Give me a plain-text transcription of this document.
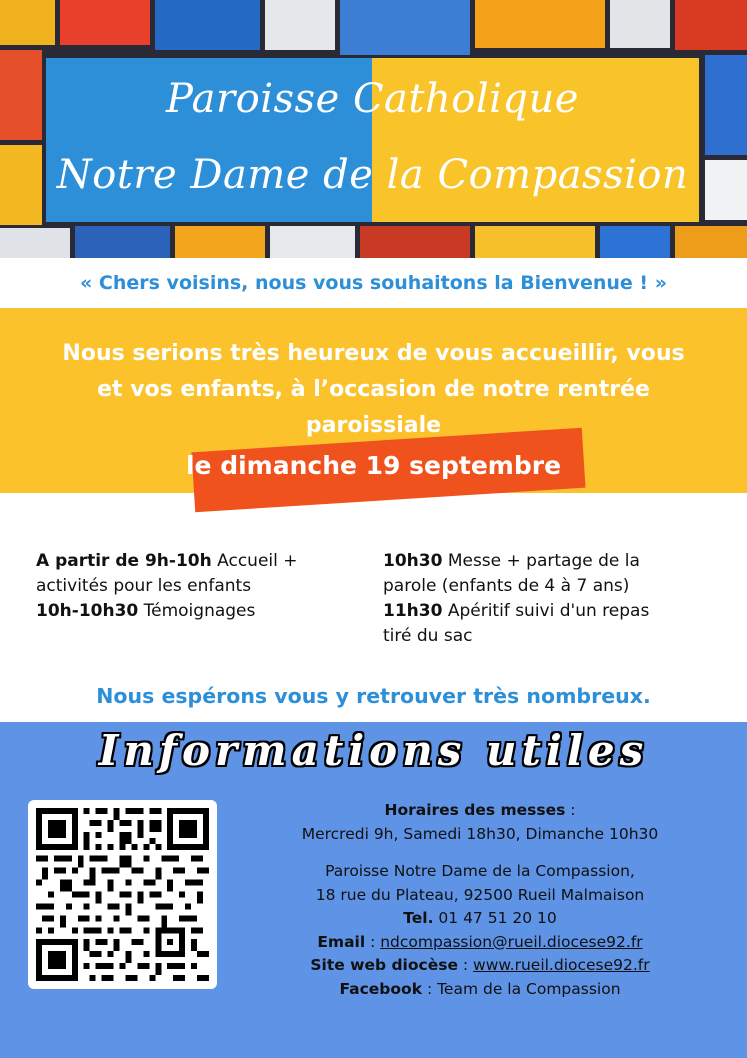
Paroisse Catholique
Notre Dame de la Compassion
« Chers voisins, nous vous souhaitons la Bienvenue ! »
Nous serions très heureux de vous accueillir, vous
et vos enfants, à l’occasion de notre rentrée
paroissiale
le dimanche 19 septembre
A partir de 9h-10h Accueil +
activités pour les enfants
10h-10h30 Témoignages
10h30 Messe + partage de la
parole (enfants de 4 à 7 ans)
11h30 Apéritif suivi d'un repas
tiré du sac
Nous espérons vous y retrouver très nombreux.
Informations utiles
Horaires des messes :
Mercredi 9h, Samedi 18h30, Dimanche 10h30
Paroisse Notre Dame de la Compassion,
18 rue du Plateau, 92500 Rueil Malmaison
Tel. 01 47 51 20 10
Email : ndcompassion@rueil.diocese92.fr
Site web diocèse : www.rueil.diocese92.fr
Facebook : Team de la Compassion
